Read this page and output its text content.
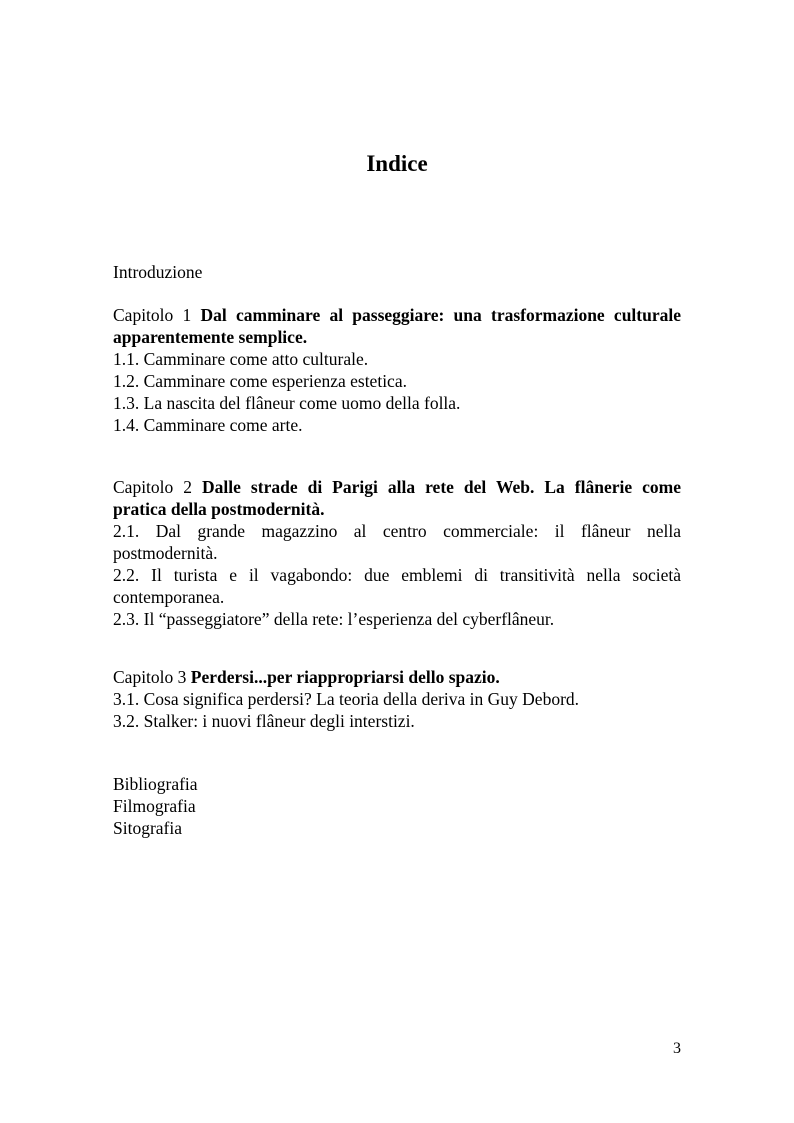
Indice
Introduzione
Capitolo 1 Dal camminare al passeggiare: una trasformazione culturale
apparentemente semplice.
1.1. Camminare come atto culturale.
1.2. Camminare come esperienza estetica.
1.3. La nascita del flâneur come uomo della folla.
1.4. Camminare come arte.
Capitolo 2 Dalle strade di Parigi alla rete del Web. La flânerie come
pratica della postmodernità.
2.1. Dal grande magazzino al centro commerciale: il flâneur nella
postmodernità.
2.2. Il turista e il vagabondo: due emblemi di transitività nella società
contemporanea.
2.3. Il “passeggiatore” della rete: l’esperienza del cyberflâneur.
Capitolo 3 Perdersi...per riappropriarsi dello spazio.
3.1. Cosa significa perdersi? La teoria della deriva in Guy Debord.
3.2. Stalker: i nuovi flâneur degli interstizi.
Bibliografia
Filmografia
Sitografia
3
